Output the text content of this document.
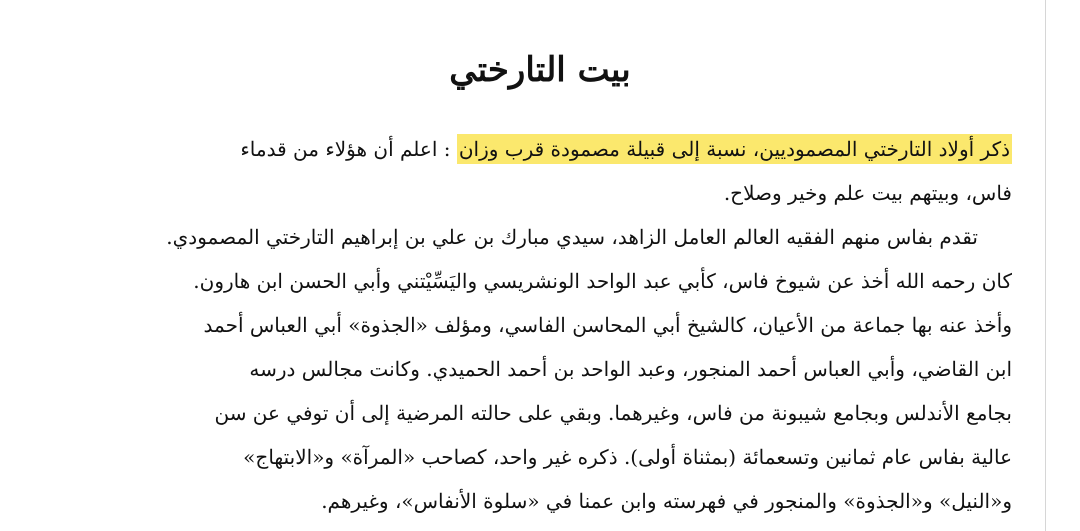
بيت التارختي
ذكر أولاد التارختي المصموديين، نسبة إلى قبيلة مصمودة قرب وزان : اعلم أن هؤلاء من قدماء
فاس، وبيتهم بيت علم وخير وصلاح.
تقدم بفاس منهم الفقيه العالم العامل الزاهد، سيدي مبارك بن علي بن إبراهيم التارختي المصمودي.
كان رحمه الله أخذ عن شيوخ فاس، كأبي عبد الواحد الونشريسي واليَسِّيْتني وأبي الحسن ابن هارون.
وأخذ عنه بها جماعة من الأعيان، كالشيخ أبي المحاسن الفاسي، ومؤلف «الجذوة» أبي العباس أحمد
ابن القاضي، وأبي العباس أحمد المنجور، وعبد الواحد بن أحمد الحميدي. وكانت مجالس درسه
بجامع الأندلس وبجامع شيبونة من فاس، وغيرهما. وبقي على حالته المرضية إلى أن توفي عن سن
عالية بفاس عام ثمانين وتسعمائة (بمثناة أولى). ذكره غير واحد، كصاحب «المرآة» و«الابتهاج»
و«النيل» و«الجذوة» والمنجور في فهرسته وابن عمنا في «سلوة الأنفاس»، وغيرهم.
